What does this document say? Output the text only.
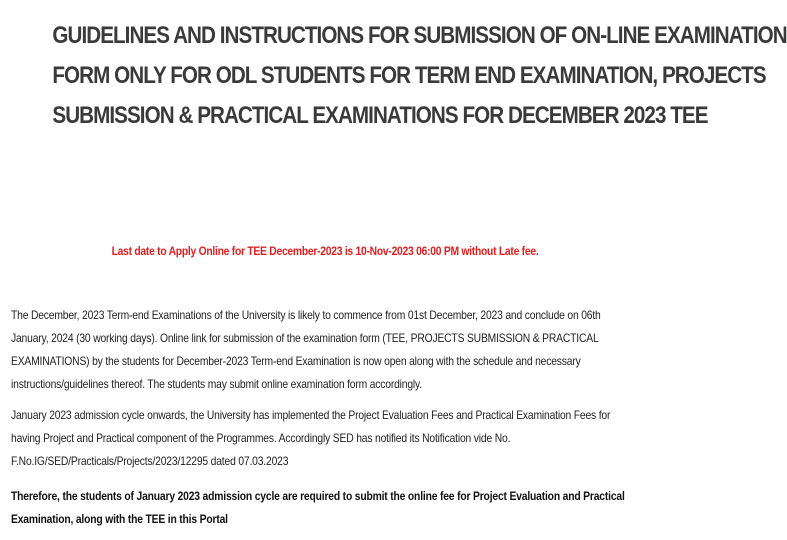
GUIDELINES AND INSTRUCTIONS FOR SUBMISSION OF ON-LINE EXAMINATION
FORM ONLY FOR ODL STUDENTS FOR TERM END EXAMINATION, PROJECTS
SUBMISSION & PRACTICAL EXAMINATIONS FOR DECEMBER 2023 TEE

Last date to Apply Online for TEE December-2023 is 10-Nov-2023 06:00 PM without Late fee.

The December, 2023 Term-end Examinations of the University is likely to commence from 01st December, 2023 and conclude on 06th January, 2024 (30 working days). Online link for submission of the examination form (TEE, PROJECTS SUBMISSION & PRACTICAL EXAMINATIONS) by the students for December-2023 Term-end Examination is now open along with the schedule and necessary instructions/guidelines thereof. The students may submit online examination form accordingly.

January 2023 admission cycle onwards, the University has implemented the Project Evaluation Fees and Practical Examination Fees for having Project and Practical component of the Programmes. Accordingly SED has notified its Notification vide No. F.No.IG/SED/Practicals/Projects/2023/12295 dated 07.03.2023

Therefore, the students of January 2023 admission cycle are required to submit the online fee for Project Evaluation and Practical Examination, along with the TEE in this Portal
